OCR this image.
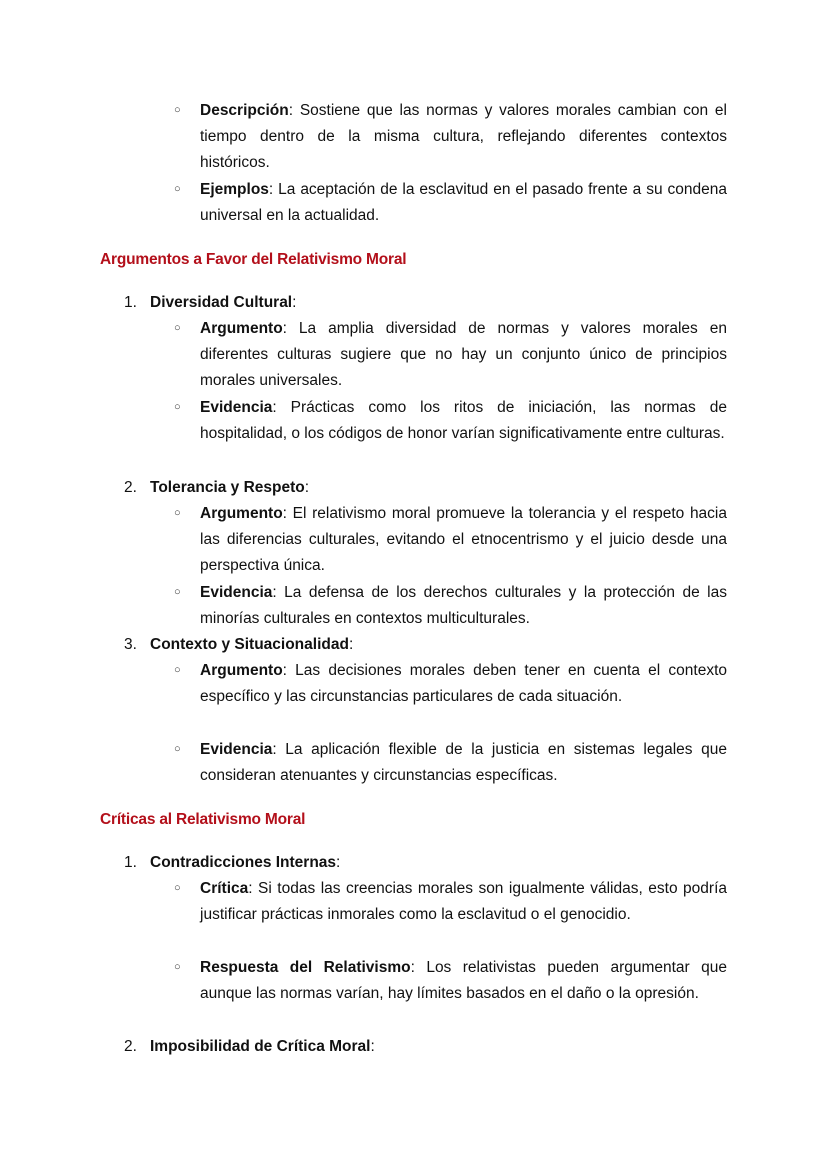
○ Descripción: Sostiene que las normas y valores morales cambian con el tiempo dentro de la misma cultura, reflejando diferentes contextos históricos.
○ Ejemplos: La aceptación de la esclavitud en el pasado frente a su condena universal en la actualidad.
Argumentos a Favor del Relativismo Moral
1. Diversidad Cultural:
○ Argumento: La amplia diversidad de normas y valores morales en diferentes culturas sugiere que no hay un conjunto único de principios morales universales.
○ Evidencia: Prácticas como los ritos de iniciación, las normas de hospitalidad, o los códigos de honor varían significativamente entre culturas.
2. Tolerancia y Respeto:
○ Argumento: El relativismo moral promueve la tolerancia y el respeto hacia las diferencias culturales, evitando el etnocentrismo y el juicio desde una perspectiva única.
○ Evidencia: La defensa de los derechos culturales y la protección de las minorías culturales en contextos multiculturales.
3. Contexto y Situacionalidad:
○ Argumento: Las decisiones morales deben tener en cuenta el contexto específico y las circunstancias particulares de cada situación.
○ Evidencia: La aplicación flexible de la justicia en sistemas legales que consideran atenuantes y circunstancias específicas.
Críticas al Relativismo Moral
1. Contradicciones Internas:
○ Crítica: Si todas las creencias morales son igualmente válidas, esto podría justificar prácticas inmorales como la esclavitud o el genocidio.
○ Respuesta del Relativismo: Los relativistas pueden argumentar que aunque las normas varían, hay límites basados en el daño o la opresión.
2. Imposibilidad de Crítica Moral:
